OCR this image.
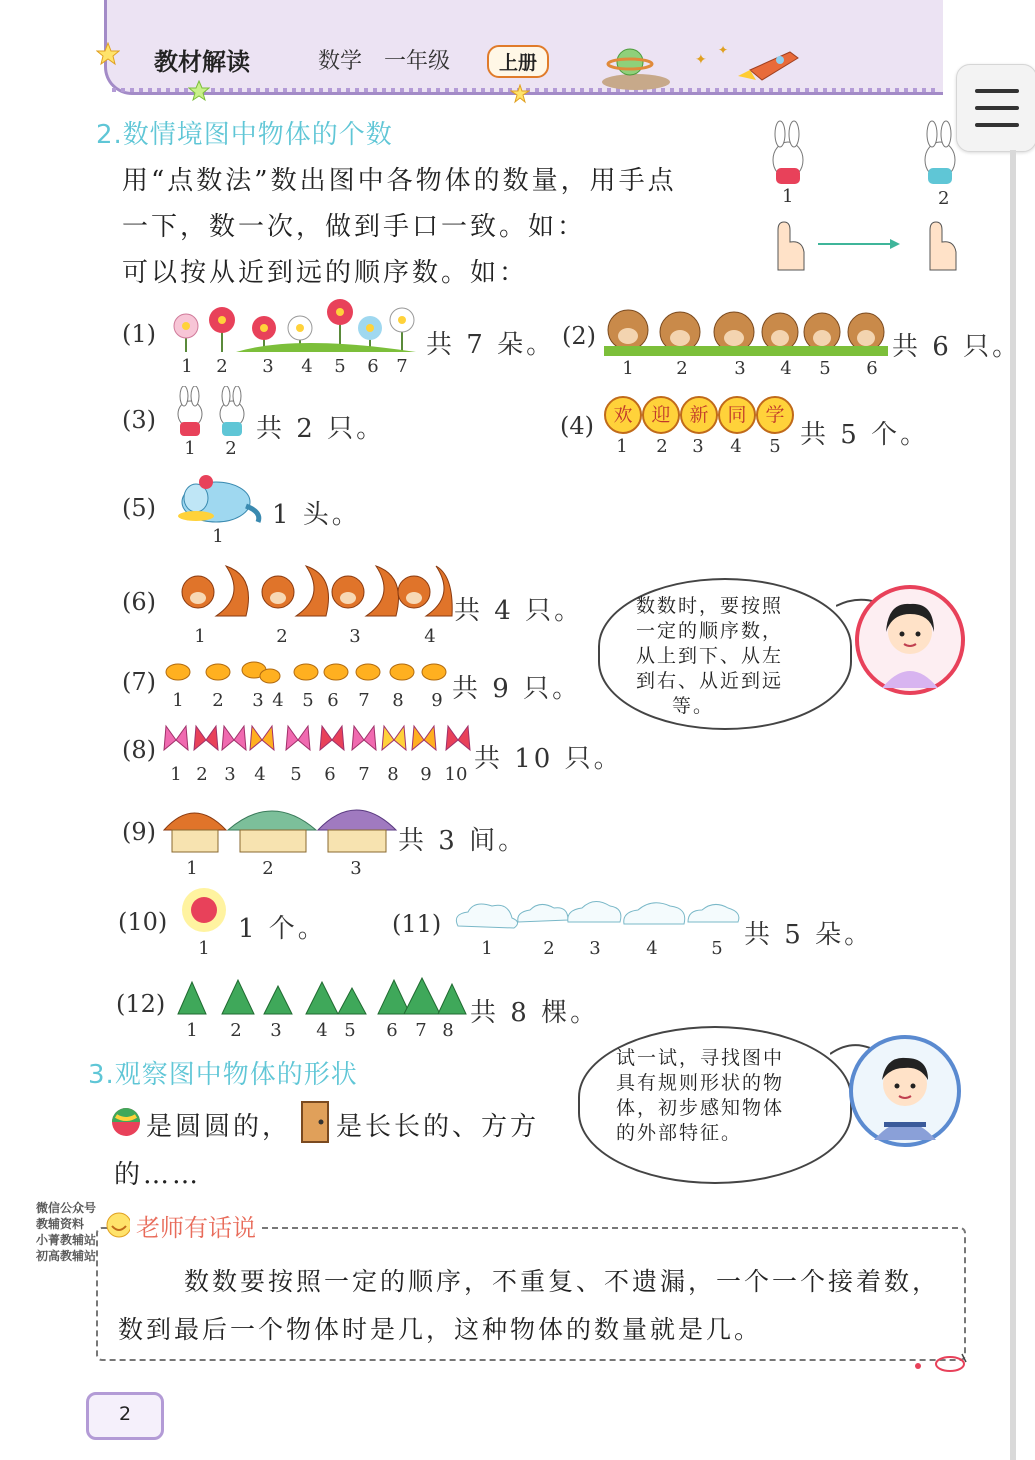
教材解读	数学 一年级	上册	✦
✦
2.数情境图中物体的个数
用“点数法”数出图中各物体的数量，用手点
一下，数一次，做到手口一致。如：
可以按从近到远的顺序数。如：
1	2
(1)	共 7 朵。
1 2 3 4 5 6 7
(2)	共 6 只。
1 2	3 4 5 6
(3)	共 2 只。
1 2
(4)	欢 迎 新 同 学
共 5 个。
1 2 3 4 5
(5)	1 头。
1
(6)	共 4 只。
1	2	3	4
(7)	共 9 只。
1 2 3 4 5 6 7 8 9
(8)	共 10 只。
1 2 3 4 5 6 7 8 9 10
(9)	共 3 间。
1	2	3
(10)	1 个。
1
(11)	共 5 朵。
1	2 3	4	5
(12)	共 8 棵。
1 2 3 4 5 6 7 8
数数时，要按照
一定的顺序数，
从上到下、从左
到右、从近到远
等。
3.观察图中物体的形状
是圆圆的， 是长长的、方方
的……
试一试，寻找图中
具有规则形状的物
体，初步感知物体
的外部特征。
老师有话说
数数要按照一定的顺序，不重复、不遗漏，一个一个接着数，数到最后一个物体时是几，这种物体的数量就是几。
微信公众号
教辅资料
小菁教辅站
初高教辅站
2
